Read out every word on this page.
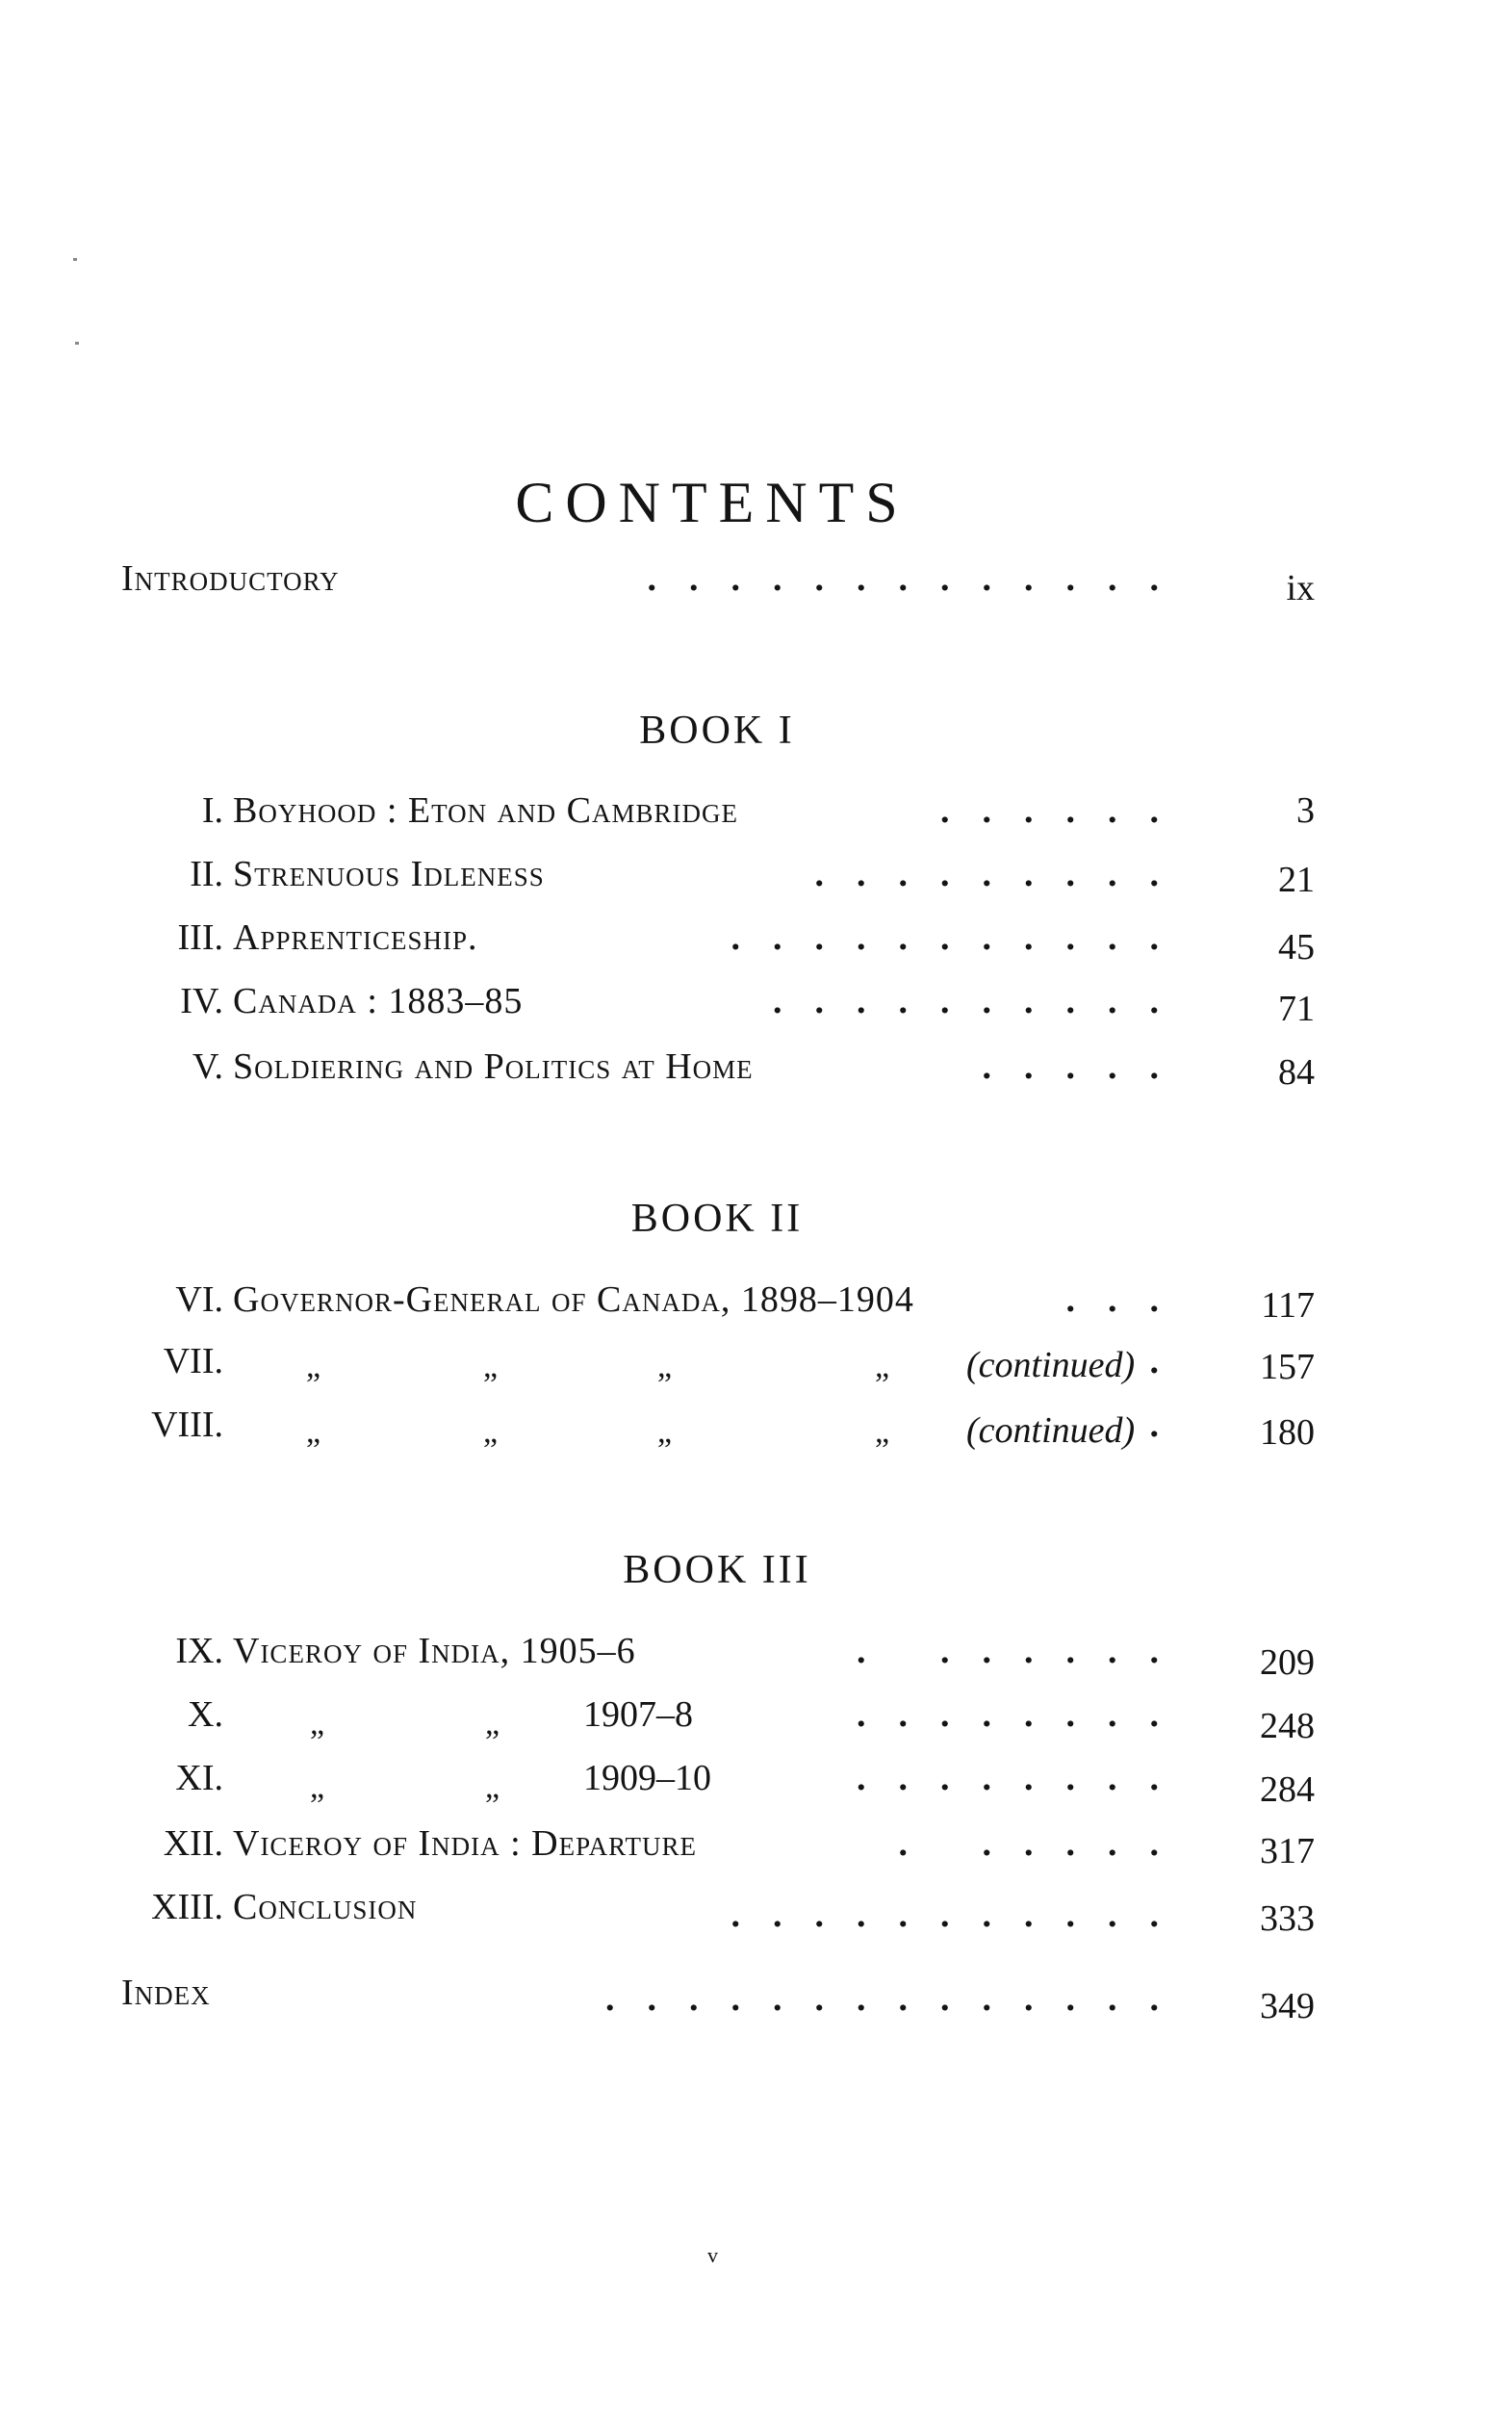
CONTENTS
Introductory	.............	ix
BOOK I
I. Boyhood : Eton and Cambridge	......	3
II. Strenuous Idleness	.........	21
III. Apprenticeship.	...........	45
IV. Canada : 1883–85	..........	71
V. Soldiering and Politics at Home	.....	84
BOOK II
VI. Governor-General of Canada, 1898–1904	...	117
VII.	„	„	„	„ (continued) .	157
VIII.	„	„	„	„ (continued) .	180
BOOK III
IX. Viceroy of India, 1905–6	. ......	209
X.	„	„ 1907–8	........	248
XI.	„	„ 1909–10	........	284
XII. Viceroy of India : Departure	. .....	317
XIII. Conclusion	...........	333
Index	..............	349
v
